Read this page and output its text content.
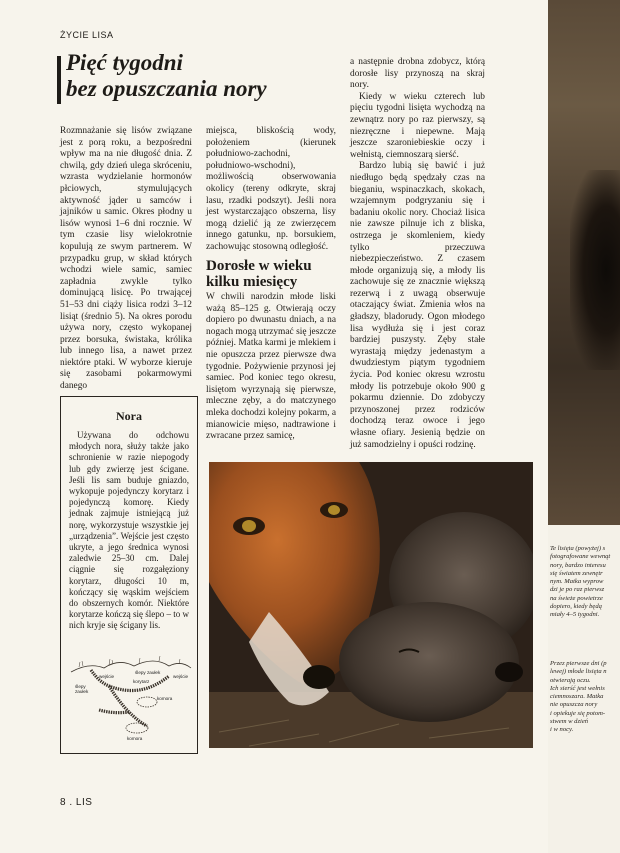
ŻYCIE LISA
Pięć tygodni
bez opuszczania nory

Rozmnażanie się lisów związane jest z porą roku, a bezpośredni wpływ ma na nie długość dnia. Z chwilą, gdy dzień ulega skróceniu, wzrasta wydzielanie hormonów płciowych, stymulujących aktywność jąder u samców i jajników u samic. Okres płodny u lisów wynosi 1–6 dni rocznie. W tym czasie lisy wielokrotnie kopulują ze swym partnerem. W przypadku grup, w skład których wchodzi wiele samic, samiec zapładnia zwykle tylko dominującą lisicę. Po trwającej 51–53 dni ciąży lisica rodzi 3–12 lisiąt (średnio 5). Na okres porodu używa nory, często wykopanej przez borsuka, świstaka, królika lub innego lisa, a nawet przez niektóre ptaki. W wyborze kieruje się zasobami pokarmowymi danego

miejsca, bliskością wody, położeniem (kierunek południowo-zachodni, południowo-wschodni), możliwością obserwowania okolicy (tereny odkryte, skraj lasu, rzadki podszyt). Jeśli nora jest wystarczająco obszerna, lisy mogą dzielić ją ze zwierzęcem innego gatunku, np. borsukiem, zachowując stosowną odległość.

Dorosłe w wieku kilku miesięcy

W chwili narodzin młode liski ważą 85–125 g. Otwierają oczy dopiero po dwunastu dniach, a na nogach mogą utrzymać się jeszcze później. Matka karmi je mlekiem i nie opuszcza przez pierwsze dwa tygodnie. Pożywienie przynosi jej samiec. Pod koniec tego okresu, lisiętom wyrzynają się pierwsze, mleczne zęby, a do matczynego mleka dochodzi kolejny pokarm, a mianowicie mięso, nadtrawione i zwracane przez samicę,

a następnie drobna zdobycz, którą dorosłe lisy przynoszą na skraj nory.

Kiedy w wieku czterech lub pięciu tygodni lisięta wychodzą na zewnątrz nory po raz pierwszy, są niezręczne i niepewne. Mają jeszcze szaroniebieskie oczy i wełnistą, ciemnoszarą sierść.

Bardzo lubią się bawić i już niedługo będą spędzały czas na bieganiu, wspinaczkach, skokach, wzajemnym podgryzaniu się i badaniu okolic nory. Chociaż lisica nie zawsze pilnuje ich z bliska, ostrzega je skomleniem, kiedy tylko przeczuwa niebezpieczeństwo. Z czasem młode organizują się, a młody lis zachowuje się ze znacznie większą rezerwą i z uwagą obserwuje otaczający świat. Zmienia włos na gładszy, bladorudy. Ogon młodego lisa wydłuża się i jest coraz bardziej puszysty. Zęby stałe wyrastają między jedenastym a dwudziestym piątym tygodniem życia. Pod koniec okresu wzrostu młody lis potrzebuje około 900 g pokarmu dziennie. Do zdobyczy przynoszonej przez rodziców dochodzą teraz owoce i jego własne ofiary. Jesienią będzie on już samodzielny i opuści rodzinę.

Nora

Używana do odchowu młodych nora, służy także jako schronienie w razie niepogody lub gdy zwierzę jest ścigane. Jeśli lis sam buduje gniazdo, wykopuje pojedynczy korytarz i pojedynczą komorę. Kiedy jednak zajmuje istniejącą już norę, wykorzystuje wszystkie jej „urządzenia”. Wejście jest często ukryte, a jego średnica wynosi zaledwie 25–30 cm. Dalej ciągnie się rozgałęziony korytarz, długości 10 m, kończący się wąskim wejściem do obszernych komór. Niektóre korytarze kończą się ślepo – to w nich kryje się ścigany lis.

ślepy
zaułek
wejście
ślepy zaułek
korytarz
wejście
komora
komora
Te lisięta (powyżej) s
fotografowane wewnąt
nory, bardzo interesu
się światem zewnętr
nym. Matka wyprow
dzi je po raz pierwsz
na świeże powietrze
dopiero, kiedy będą
miały 4–5 tygodni.
Przez pierwsze dni (p
lewej) młode lisięta n
otwierają oczu.
Ich sierść jest wełnis
ciemnoszara. Matka
nie opuszcza nory
i opiekuje się potom-
stwem w dzień
i w nocy.
8 . LIS
